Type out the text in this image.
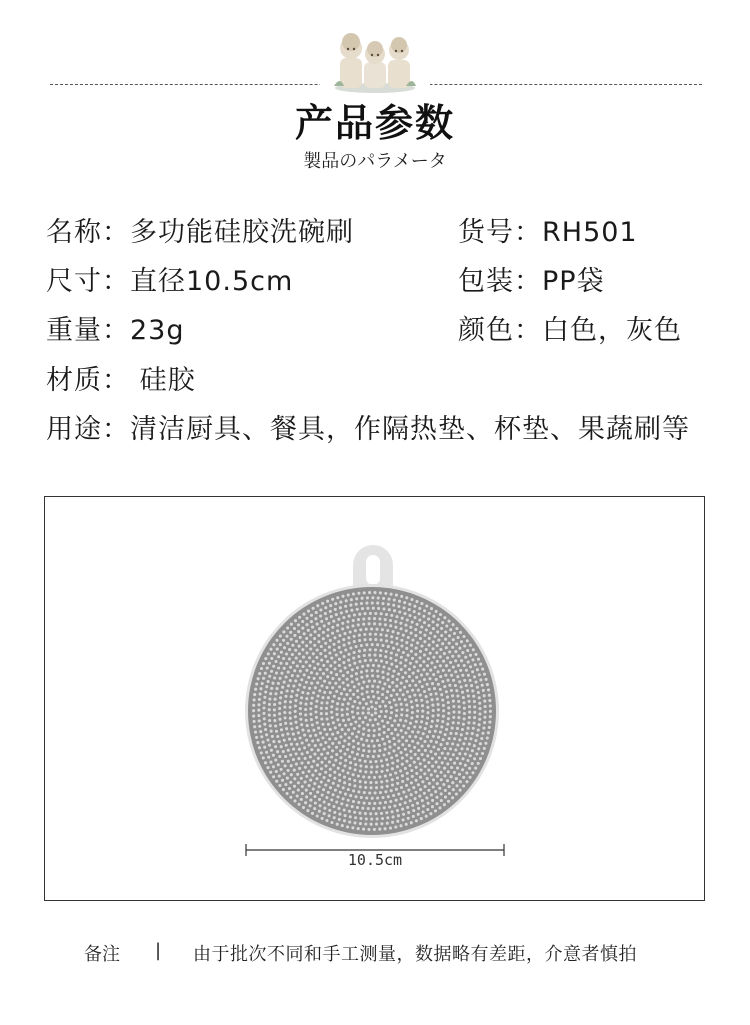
产品参数
製品のパラメータ
名称：多功能硅胶洗碗刷	货号：RH501
尺寸：直径10.5cm	包装：PP袋
重量：23g	颜色：白色，灰色
材质： 硅胶
用途：清洁厨具、餐具，作隔热垫、杯垫、果蔬刷等
10.5cm
备注 | 由于批次不同和手工测量，数据略有差距，介意者慎拍
